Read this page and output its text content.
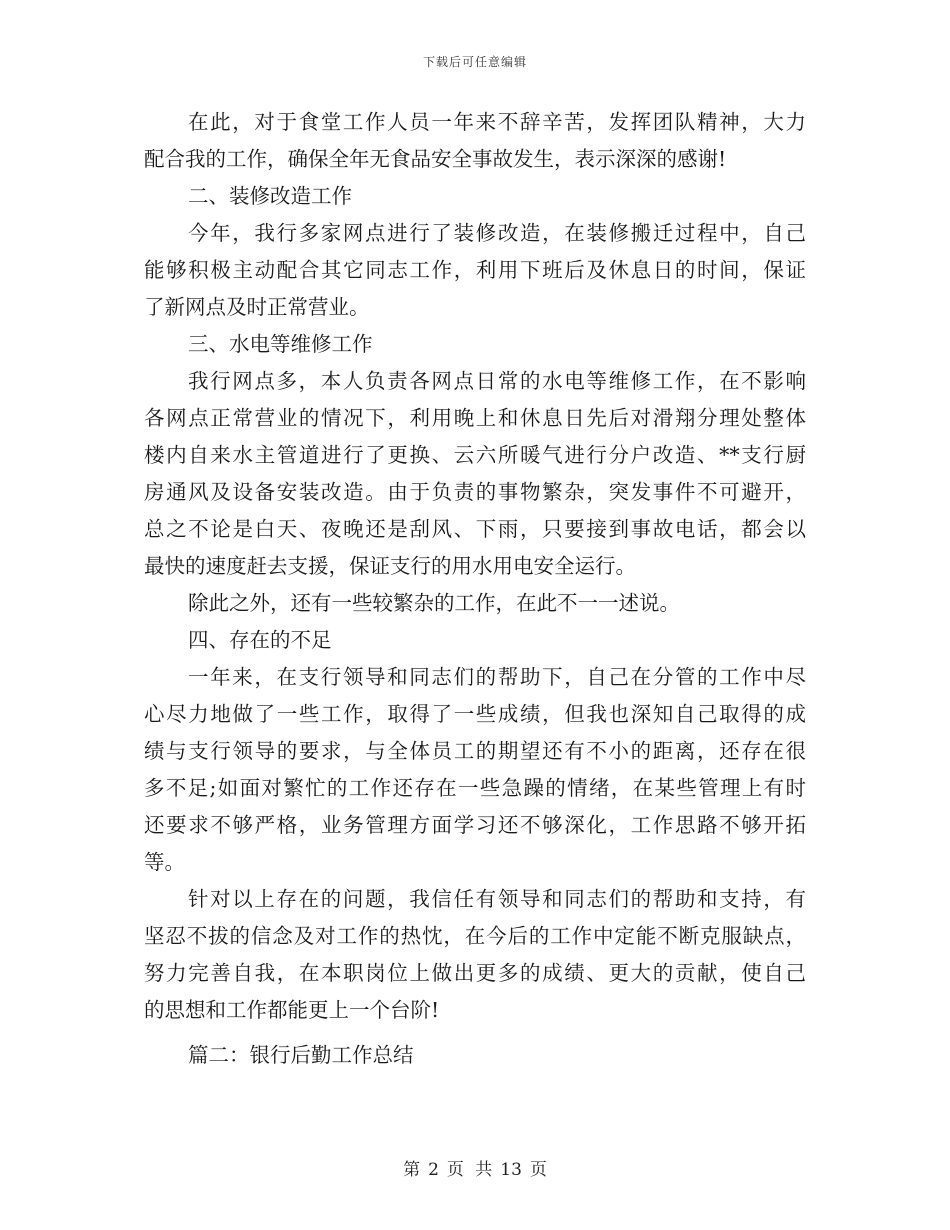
下载后可任意编辑
在此，对于食堂工作人员一年来不辞辛苦，发挥团队精神，大力
配合我的工作，确保全年无食品安全事故发生，表示深深的感谢!
二、装修改造工作
今年，我行多家网点进行了装修改造，在装修搬迁过程中，自己
能够积极主动配合其它同志工作，利用下班后及休息日的时间，保证
了新网点及时正常营业。
三、水电等维修工作
我行网点多，本人负责各网点日常的水电等维修工作，在不影响
各网点正常营业的情况下，利用晚上和休息日先后对滑翔分理处整体
楼内自来水主管道进行了更换、云六所暖气进行分户改造、**支行厨
房通风及设备安装改造。由于负责的事物繁杂，突发事件不可避开，
总之不论是白天、夜晚还是刮风、下雨，只要接到事故电话，都会以
最快的速度赶去支援，保证支行的用水用电安全运行。
除此之外，还有一些较繁杂的工作，在此不一一述说。
四、存在的不足
一年来，在支行领导和同志们的帮助下，自己在分管的工作中尽
心尽力地做了一些工作，取得了一些成绩，但我也深知自己取得的成
绩与支行领导的要求，与全体员工的期望还有不小的距离，还存在很
多不足;如面对繁忙的工作还存在一些急躁的情绪，在某些管理上有时
还要求不够严格，业务管理方面学习还不够深化，工作思路不够开拓
等。
针对以上存在的问题，我信任有领导和同志们的帮助和支持，有
坚忍不拔的信念及对工作的热忱，在今后的工作中定能不断克服缺点，
努力完善自我，在本职岗位上做出更多的成绩、更大的贡献，使自己
的思想和工作都能更上一个台阶!
篇二：银行后勤工作总结
第 2 页 共 13 页
